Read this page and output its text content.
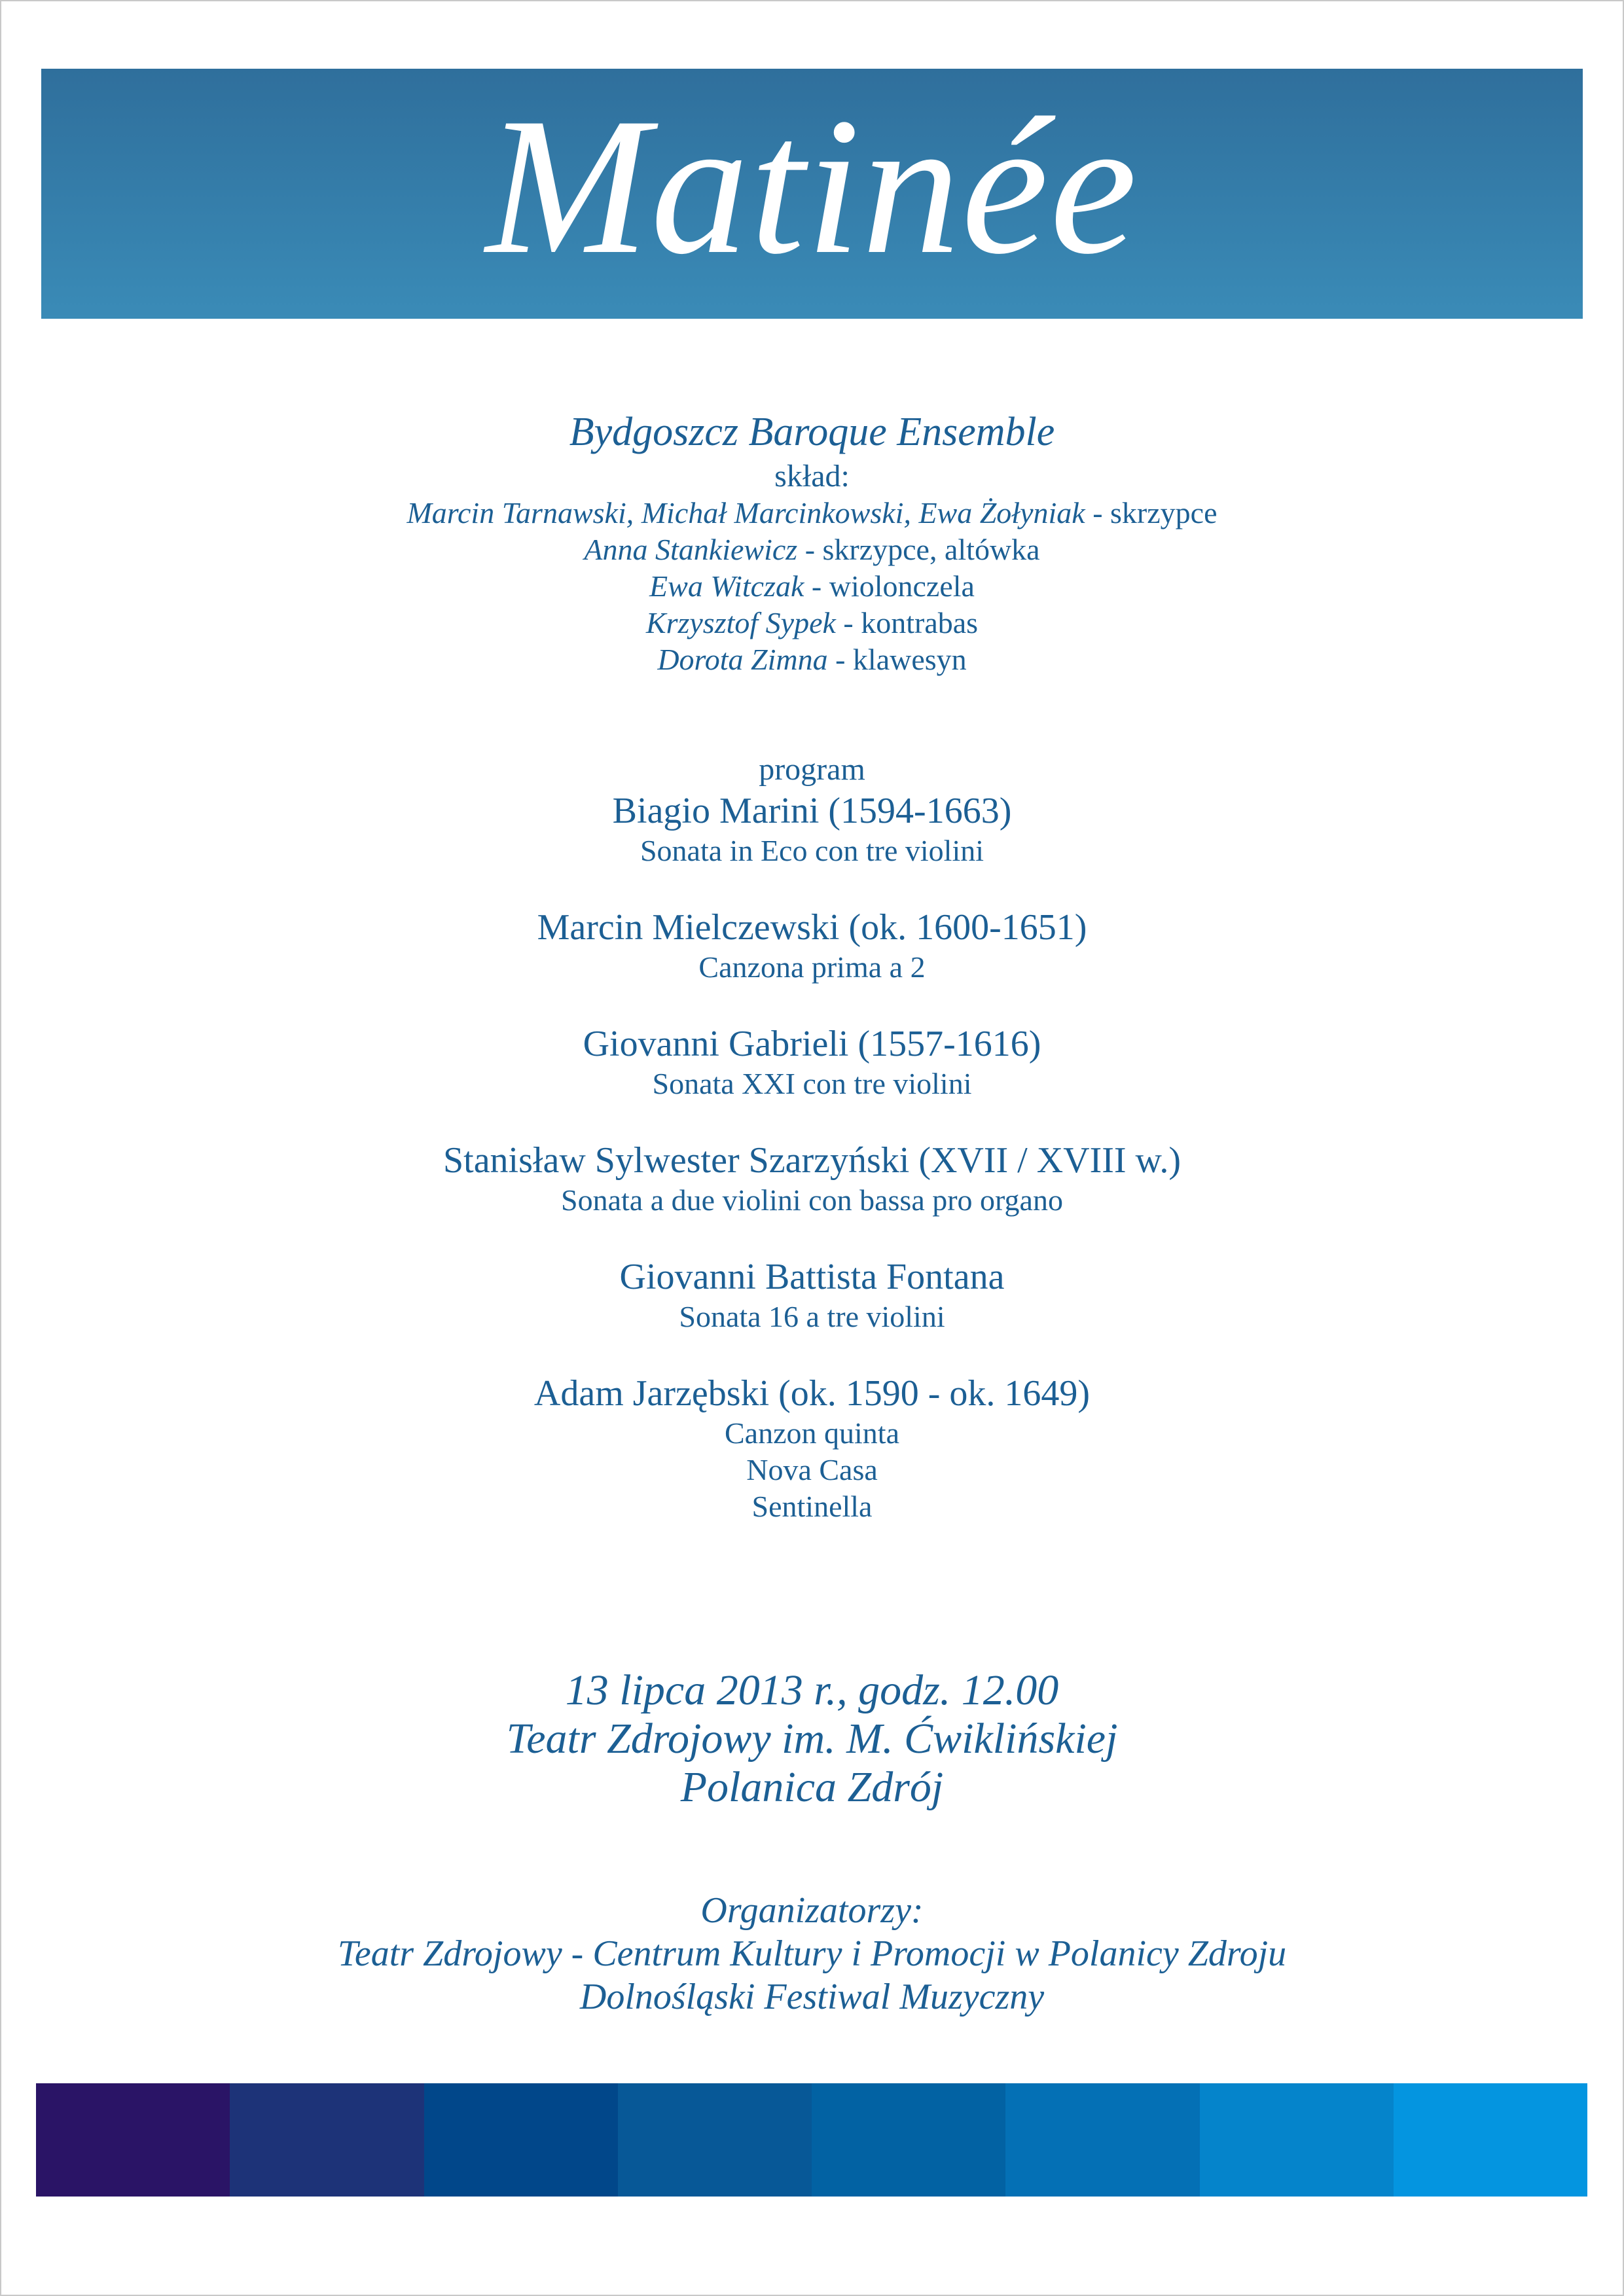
Matinée
Bydgoszcz Baroque Ensemble
skład:
Marcin Tarnawski, Michał Marcinkowski, Ewa Żołyniak - skrzypce
Anna Stankiewicz - skrzypce, altówka
Ewa Witczak - wiolonczela
Krzysztof Sypek - kontrabas
Dorota Zimna - klawesyn
program
Biagio Marini (1594-1663)
Sonata in Eco con tre violini
Marcin Mielczewski (ok. 1600-1651)
Canzona prima a 2
Giovanni Gabrieli (1557-1616)
Sonata XXI con tre violini
Stanisław Sylwester Szarzyński (XVII / XVIII w.)
Sonata a due violini con bassa pro organo
Giovanni Battista Fontana
Sonata 16 a tre violini
Adam Jarzębski (ok. 1590 - ok. 1649)
Canzon quinta
Nova Casa
Sentinella
13 lipca 2013 r., godz. 12.00
Teatr Zdrojowy im. M. Ćwiklińskiej
Polanica Zdrój
Organizatorzy:
Teatr Zdrojowy - Centrum Kultury i Promocji w Polanicy Zdroju
Dolnośląski Festiwal Muzyczny
